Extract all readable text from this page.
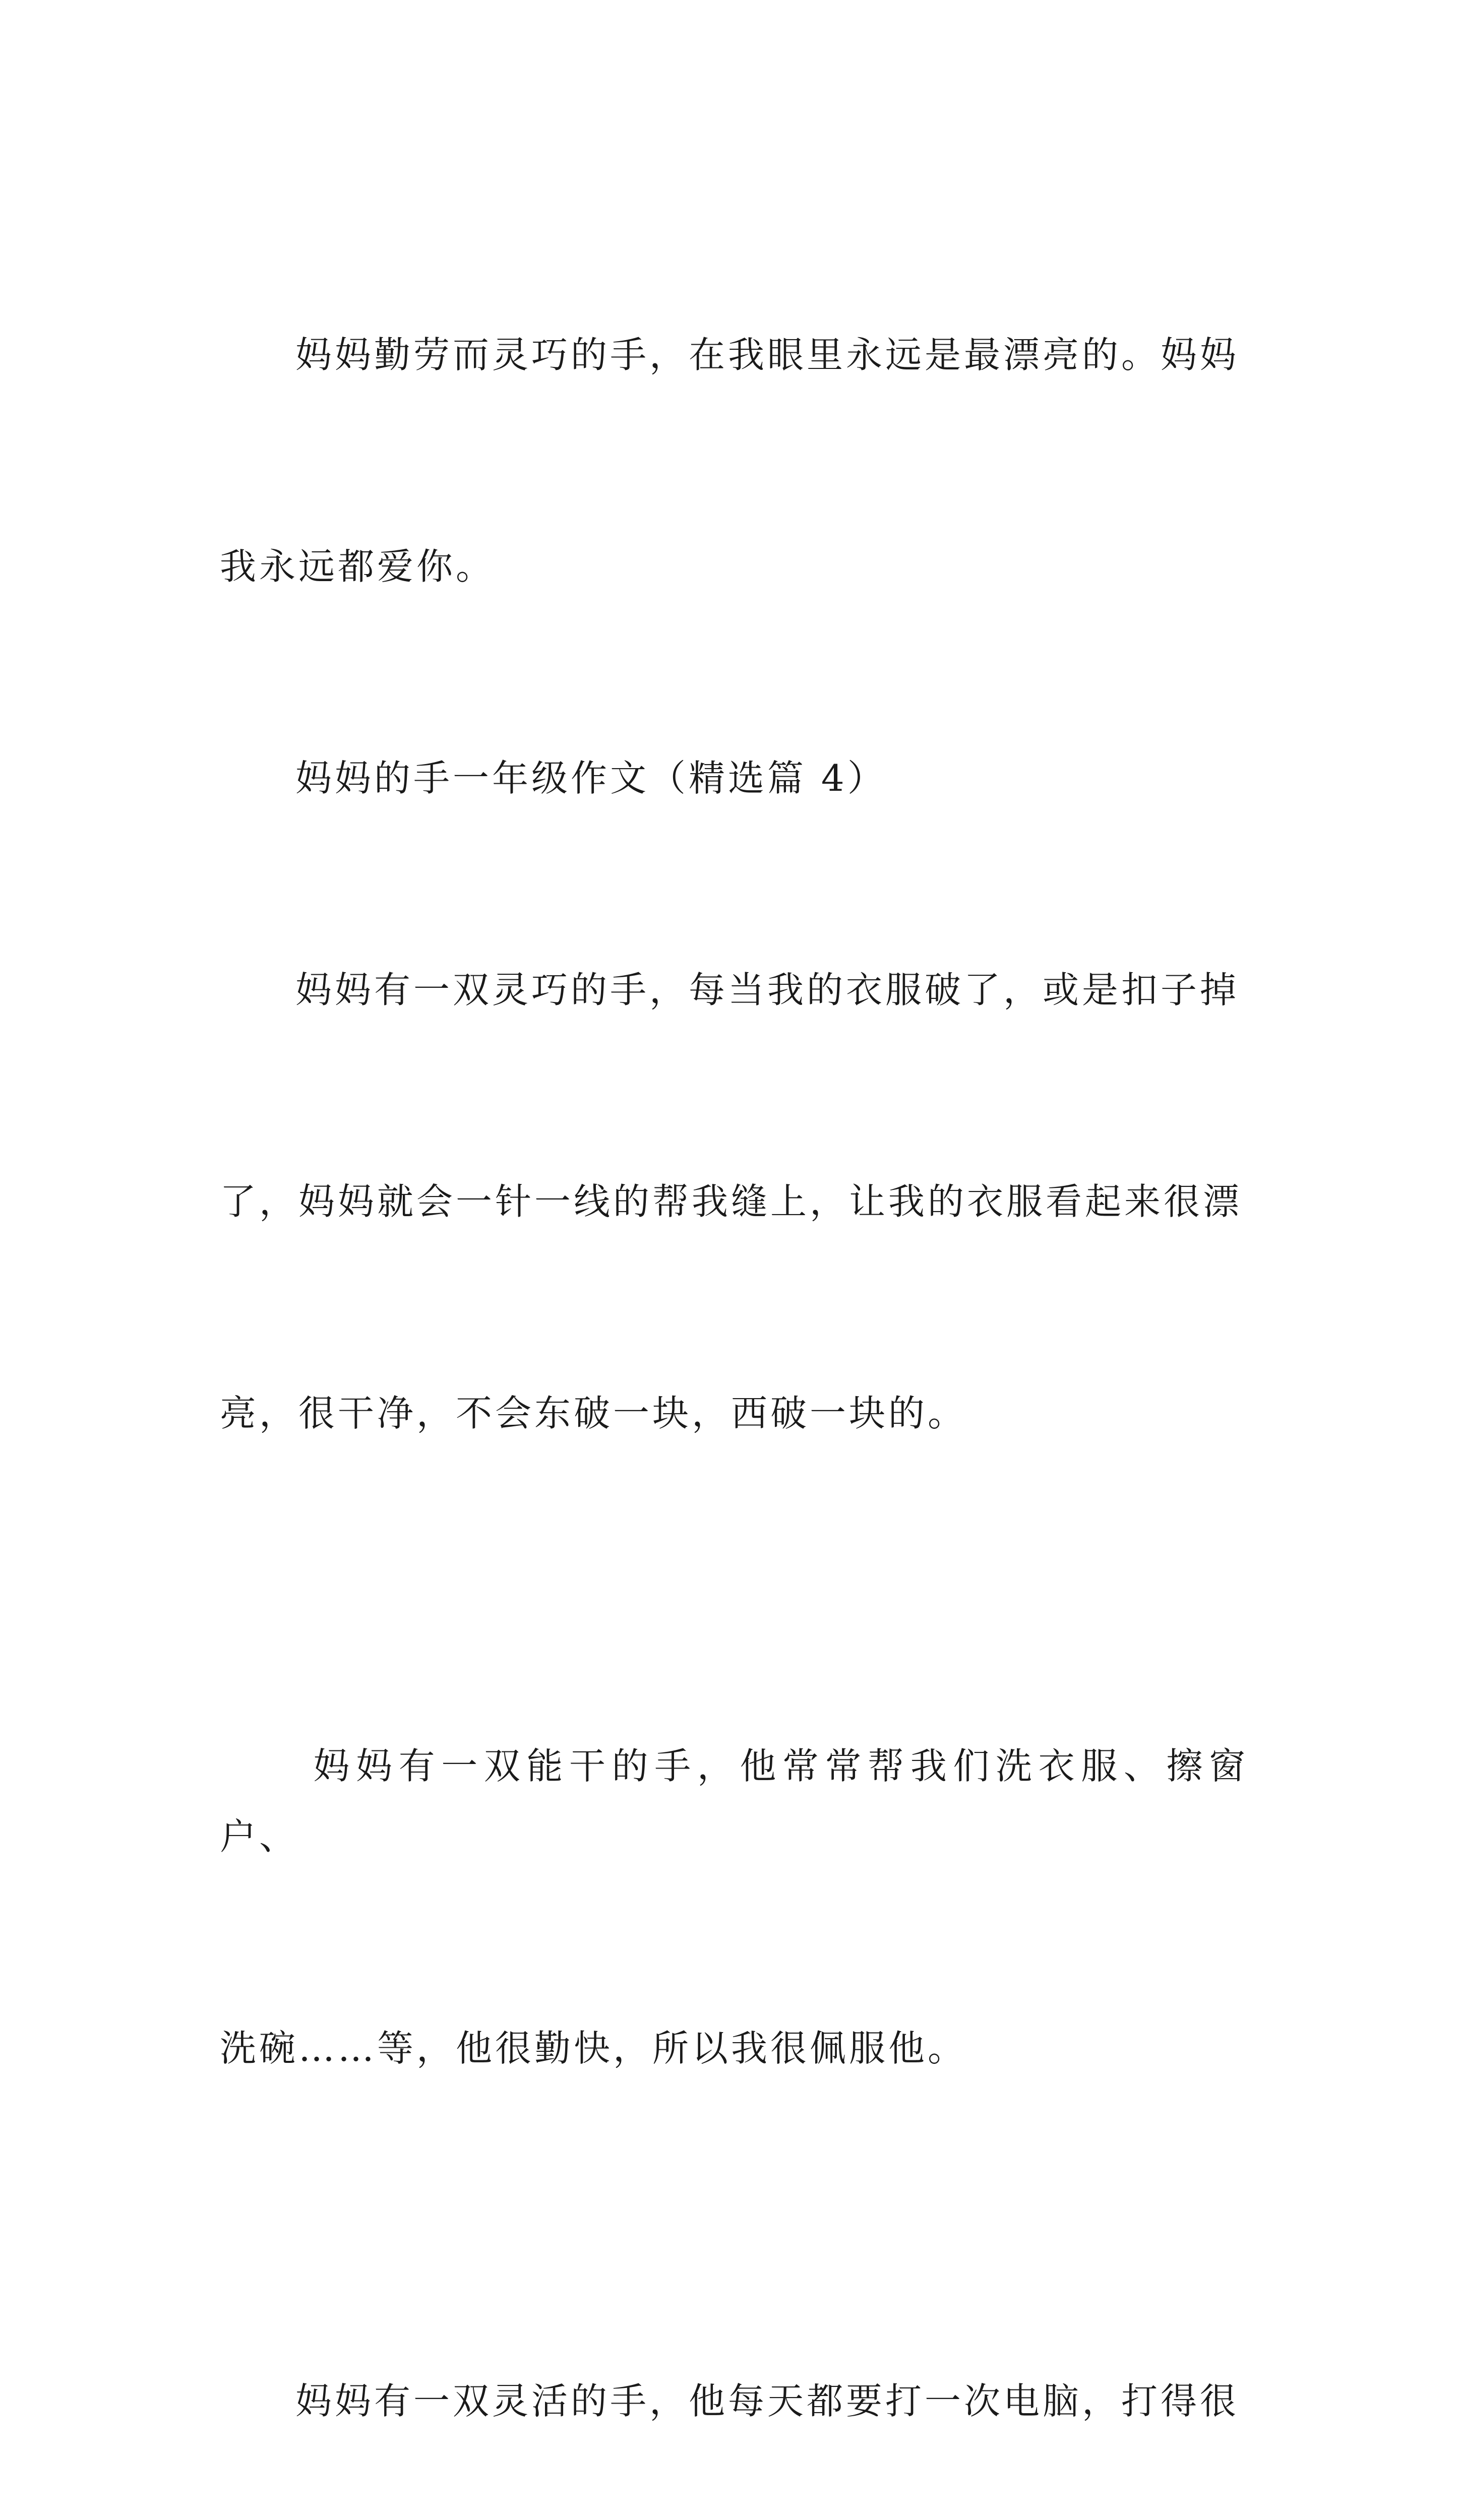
妈妈勤劳而灵巧的手，在我眼里永远是最漂亮的。妈妈

我永远都爱你。

妈妈的手一年级作文（精选篇 4）

妈妈有一双灵巧的手，每当我的衣服破了，或是扣子掉

了，妈妈就会一针一线的帮我缝上，让我的衣服看起来很漂

亮，很干净，不会东破一块，西破一块的。

妈妈有一双能干的手，他常常帮我们洗衣服、擦窗户、

洗碗……等，他很勤快，所以我很佩服他。

妈妈有一双灵活的手，他每天都要打一次电脑，打得很
